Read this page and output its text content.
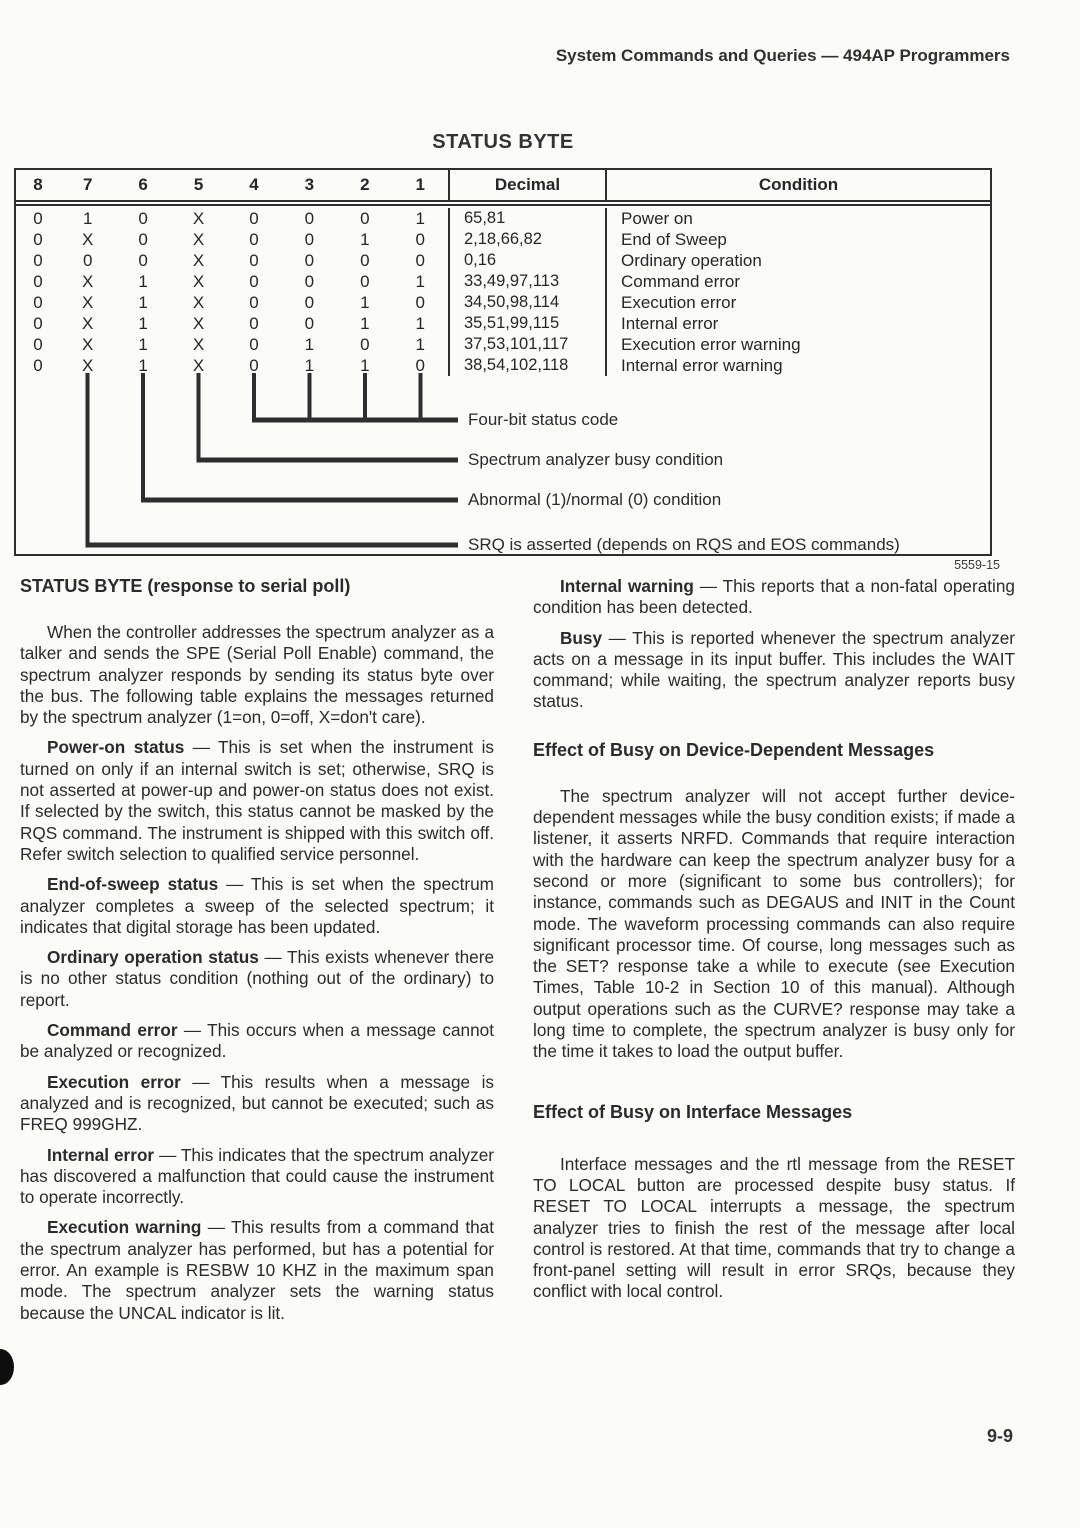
System Commands and Queries — 494AP Programmers
STATUS BYTE
8	7	6	5	4	3	2	1	Decimal	Condition
0	1	0	X	0	0	0	1	65,81	Power on
0	X	0	X	0	0	1	0	2,18,66,82	End of Sweep
0	0	0	X	0	0	0	0	0,16	Ordinary operation
0	X	1	X	0	0	0	1	33,49,97,113	Command error
0	X	1	X	0	0	1	0	34,50,98,114	Execution error
0	X	1	X	0	0	1	1	35,51,99,115	Internal error
0	X	1	X	0	1	0	1	37,53,101,117	Execution error warning
0	X	1	X	0	1	1	0	38,54,102,118	Internal error warning
Four-bit status code
Spectrum analyzer busy condition
Abnormal (1)/normal (0) condition
SRQ is asserted (depends on RQS and EOS commands)
5559-15
STATUS BYTE (response to serial poll)

When the controller addresses the spectrum analyzer as a talker and sends the SPE (Serial Poll Enable) command, the spectrum analyzer responds by sending its status byte over the bus. The following table explains the messages returned by the spectrum analyzer (1=on, 0=off, X=don't care).

Power-on status — This is set when the instrument is turned on only if an internal switch is set; otherwise, SRQ is not asserted at power-up and power-on status does not exist. If selected by the switch, this status cannot be masked by the RQS command. The instrument is shipped with this switch off. Refer switch selection to qualified service personnel.

End-of-sweep status — This is set when the spectrum analyzer completes a sweep of the selected spectrum; it indicates that digital storage has been updated.

Ordinary operation status — This exists whenever there is no other status condition (nothing out of the ordinary) to report.

Command error — This occurs when a message cannot be analyzed or recognized.

Execution error — This results when a message is analyzed and is recognized, but cannot be executed; such as FREQ 999GHZ.

Internal error — This indicates that the spectrum analyzer has discovered a malfunction that could cause the instrument to operate incorrectly.

Execution warning — This results from a command that the spectrum analyzer has performed, but has a potential for error. An example is RESBW 10 KHZ in the maximum span mode. The spectrum analyzer sets the warning status because the UNCAL indicator is lit.

Internal warning — This reports that a non-fatal operating condition has been detected.

Busy — This is reported whenever the spectrum analyzer acts on a message in its input buffer. This includes the WAIT command; while waiting, the spectrum analyzer reports busy status.

Effect of Busy on Device-Dependent Messages

The spectrum analyzer will not accept further device-dependent messages while the busy condition exists; if made a listener, it asserts NRFD. Commands that require interaction with the hardware can keep the spectrum analyzer busy for a second or more (significant to some bus controllers); for instance, commands such as DEGAUS and INIT in the Count mode. The waveform processing commands can also require significant processor time. Of course, long messages such as the SET? response take a while to execute (see Execution Times, Table 10-2 in Section 10 of this manual). Although output operations such as the CURVE? response may take a long time to complete, the spectrum analyzer is busy only for the time it takes to load the output buffer.

Effect of Busy on Interface Messages

Interface messages and the rtl message from the RESET TO LOCAL button are processed despite busy status. If RESET TO LOCAL interrupts a message, the spectrum analyzer tries to finish the rest of the message after local control is restored. At that time, commands that try to change a front-panel setting will result in error SRQs, because they conflict with local control.

9-9
